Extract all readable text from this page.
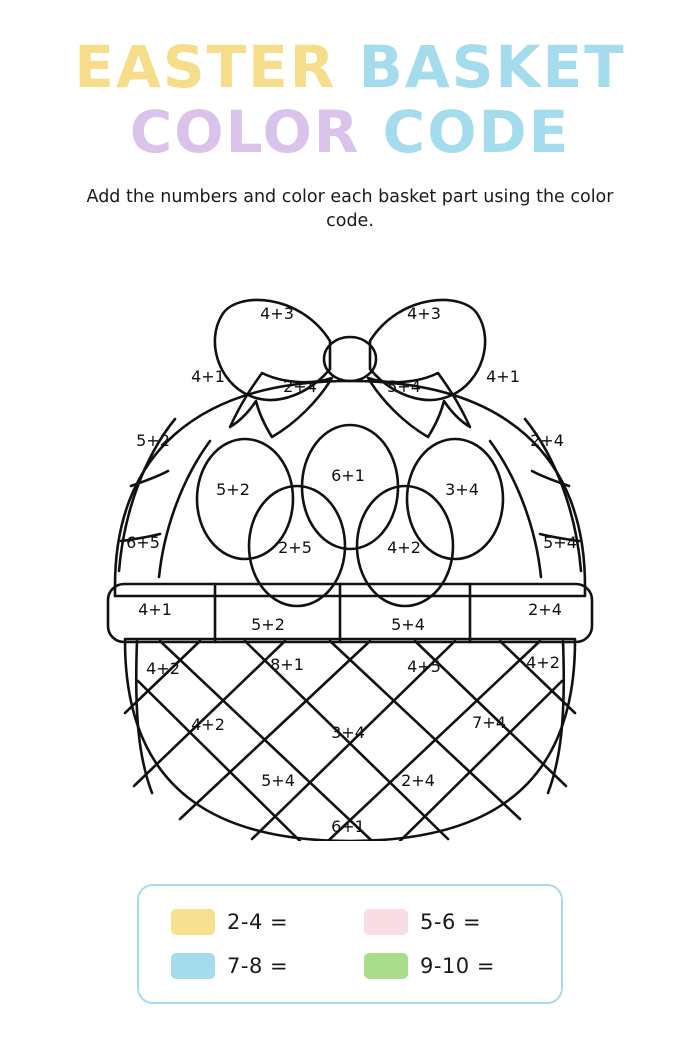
EASTER BASKET
COLOR CODE
Add the numbers and color each basket part using the color code.
4+3	4+3
2+4	5+4
4+1
5+2
6+5
4+1
2+4
5+4
5+2
6+1
3+4
2+5	4+2
4+1
5+2	5+4
2+4
4+2	8+1	4+5	4+2
4+2	3+4
7+4
5+4	2+4
6+1
2-4 =	5-6 =
7-8 =	9-10 =
